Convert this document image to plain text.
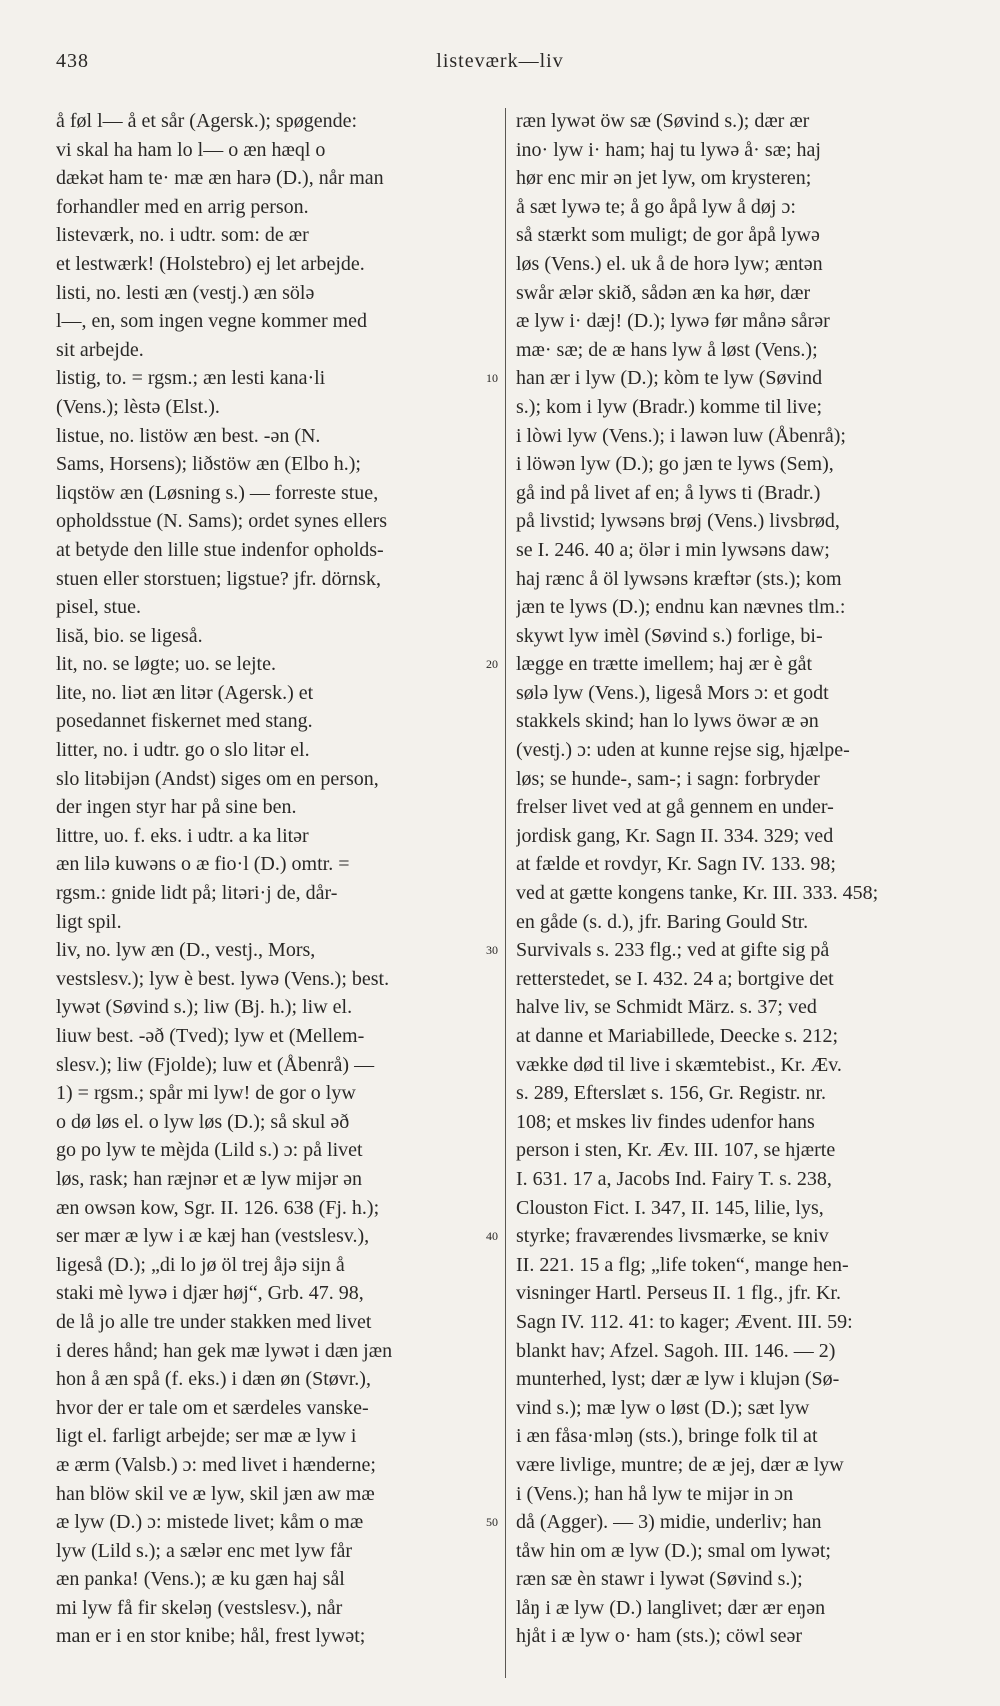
438	listeværk—liv
å føl l— å et sår (Agersk.); spøgende:
vi skal ha ham lo l— o æn hæql o
dækət ham te· mæ æn harə (D.), når man
forhandler med en arrig person.
listeværk, no. i udtr. som: de ær
et lestwærk! (Holstebro) ej let arbejde.
listi, no. lesti æn (vestj.) æn sölə
l—, en, som ingen vegne kommer med
sit arbejde.
listig, to. = rgsm.; æn lesti kana·li
(Vens.); lèstə (Elst.).
listue, no. listöw æn best. -ən (N.
Sams, Horsens); liðstöw æn (Elbo h.);
liqstöw æn (Løsning s.) — forreste stue,
opholdsstue (N. Sams); ordet synes ellers
at betyde den lille stue indenfor opholds-
stuen eller storstuen; ligstue? jfr. dörnsk,
pisel, stue.
lisă, bio. se ligeså.
lit, no. se løgte; uo. se lejte.
lite, no. liət æn litər (Agersk.) et
posedannet fiskernet med stang.
litter, no. i udtr. go o slo litər el.
slo litəbijən (Andst) siges om en person,
der ingen styr har på sine ben.
littre, uo. f. eks. i udtr. a ka litər
æn lilə kuwəns o æ fio·l (D.) omtr. =
rgsm.: gnide lidt på; litəri·j de, dår-
ligt spil.
liv, no. lyw æn (D., vestj., Mors,
vestslesv.); lyw è best. lywə (Vens.); best.
lywət (Søvind s.); liw (Bj. h.); liw el.
liuw best. -əð (Tved); lyw et (Mellem-
slesv.); liw (Fjolde); luw et (Åbenrå) —
1) = rgsm.; spår mi lyw! de gor o lyw
o dø løs el. o lyw løs (D.); så skul əð
go po lyw te mèjda (Lild s.) ɔ: på livet
løs, rask; han ræjnər et æ lyw mijər ən
æn owsən kow, Sgr. II. 126. 638 (Fj. h.);
ser mær æ lyw i æ kæj han (vestslesv.),
ligeså (D.); „di lo jø öl trej åjə sijn å
staki mè lywə i djær høj“, Grb. 47. 98,
de lå jo alle tre under stakken med livet
i deres hånd; han gek mæ lywət i dæn jæn
hon å æn spå (f. eks.) i dæn øn (Støvr.),
hvor der er tale om et særdeles vanske-
ligt el. farligt arbejde; ser mæ æ lyw i
æ ærm (Valsb.) ɔ: med livet i hænderne;
han blöw skil ve æ lyw, skil jæn aw mæ
æ lyw (D.) ɔ: mistede livet; kåm o mæ
lyw (Lild s.); a sælər enc met lyw får
æn panka! (Vens.); æ ku gæn haj sål
mi lyw få fir skeləŋ (vestslesv.), når
man er i en stor knibe; hål, frest lywət;
ræn lywət öw sæ (Søvind s.); dær ær
ino· lyw i· ham; haj tu lywə å· sæ; haj
hør enc mir ən jet lyw, om krysteren;
å sæt lywə te; å go åpå lyw å døj ɔ:
så stærkt som muligt; de gor åpå lywə
løs (Vens.) el. uk å de horə lyw; æntən
swår ælər skið, sådən æn ka hør, dær
æ lyw i· dæj! (D.); lywə før månə sårər
mæ· sæ; de æ hans lyw å løst (Vens.);
han ær i lyw (D.); kòm te lyw (Søvind
s.); kom i lyw (Bradr.) komme til live;
i lòwi lyw (Vens.); i lawən luw (Åbenrå);
i löwən lyw (D.); go jæn te lyws (Sem),
gå ind på livet af en; å lyws ti (Bradr.)
på livstid; lywsəns brøj (Vens.) livsbrød,
se I. 246. 40 a; ölər i min lywsəns daw;
haj rænc å öl lywsəns kræftər (sts.); kom
jæn te lyws (D.); endnu kan nævnes tlm.:
skywt lyw imèl (Søvind s.) forlige, bi-
lægge en trætte imellem; haj ær è gåt
sølə lyw (Vens.), ligeså Mors ɔ: et godt
stakkels skind; han lo lyws öwər æ ən
(vestj.) ɔ: uden at kunne rejse sig, hjælpe-
løs; se hunde-, sam-; i sagn: forbryder
frelser livet ved at gå gennem en under-
jordisk gang, Kr. Sagn II. 334. 329; ved
at fælde et rovdyr, Kr. Sagn IV. 133. 98;
ved at gætte kongens tanke, Kr. III. 333. 458;
en gåde (s. d.), jfr. Baring Gould Str.
Survivals s. 233 flg.; ved at gifte sig på
retterstedet, se I. 432. 24 a; bortgive det
halve liv, se Schmidt März. s. 37; ved
at danne et Mariabillede, Deecke s. 212;
vække død til live i skæmtebist., Kr. Æv.
s. 289, Efterslæt s. 156, Gr. Registr. nr.
108; et mskes liv findes udenfor hans
person i sten, Kr. Æv. III. 107, se hjærte
I. 631. 17 a, Jacobs Ind. Fairy T. s. 238,
Clouston Fict. I. 347, II. 145, lilie, lys,
styrke; fraværendes livsmærke, se kniv
II. 221. 15 a flg; „life token“, mange hen-
visninger Hartl. Perseus II. 1 flg., jfr. Kr.
Sagn IV. 112. 41: to kager; Ævent. III. 59:
blankt hav; Afzel. Sagoh. III. 146. — 2)
munterhed, lyst; dær æ lyw i klujən (Sø-
vind s.); mæ lyw o løst (D.); sæt lyw
i æn fåsa·mləŋ (sts.), bringe folk til at
være livlige, muntre; de æ jej, dær æ lyw
i (Vens.); han hå lyw te mijər in ɔn
då (Agger). — 3) midie, underliv; han
tåw hin om æ lyw (D.); smal om lywət;
ræn sæ èn stawr i lywət (Søvind s.);
låŋ i æ lyw (D.) langlivet; dær ær eŋən
hjåt i æ lyw o· ham (sts.); cöwl seər
10
20
30
40
50
